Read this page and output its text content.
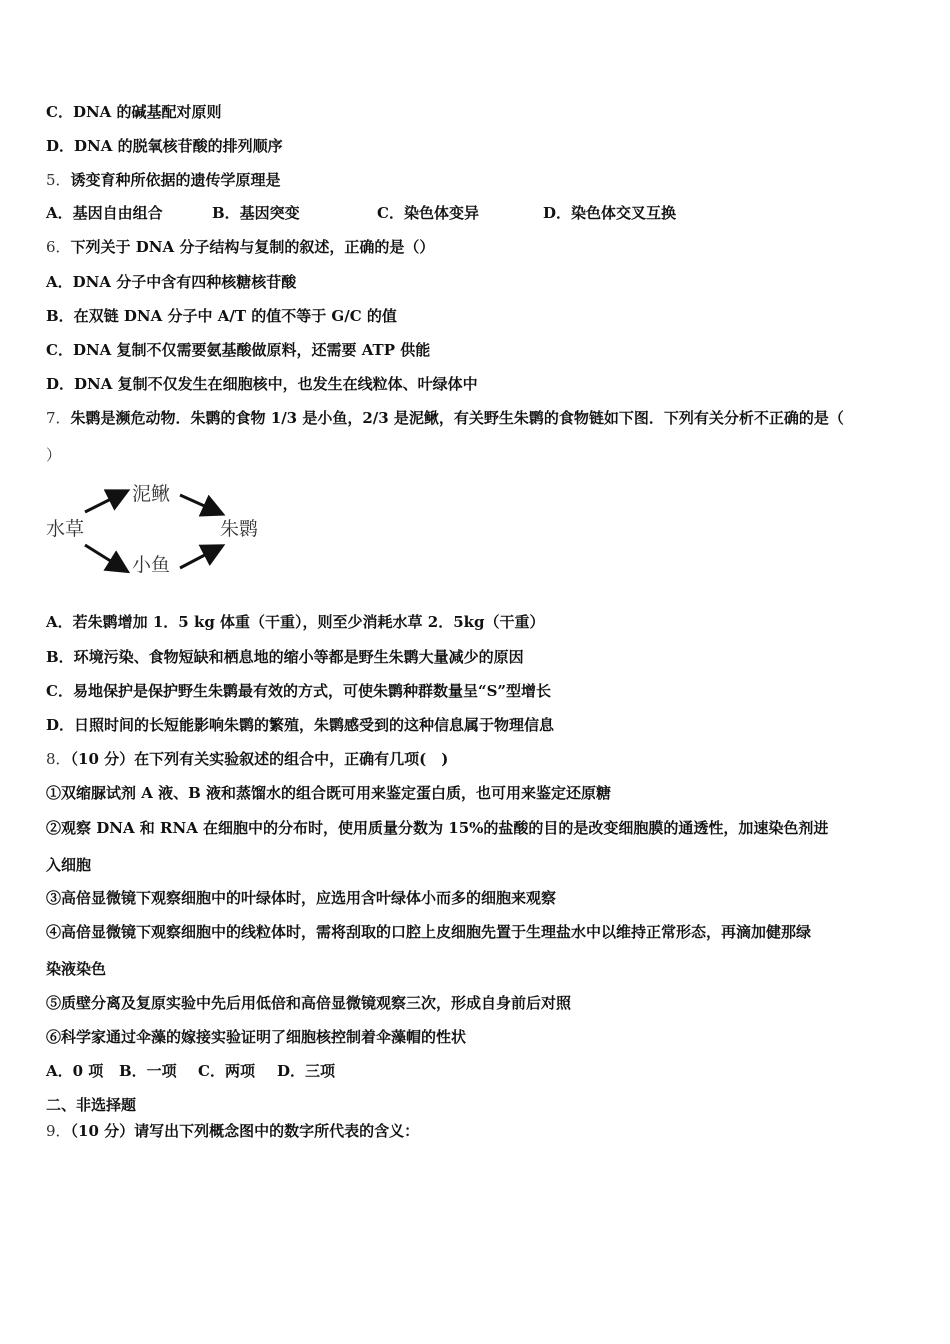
C．DNA 的碱基配对原则
D．DNA 的脱氧核苷酸的排列顺序
5．诱变育种所依据的遗传学原理是
A．基因自由组合	B．基因突变	C．染色体变异	D．染色体交叉互换
6．下列关于 DNA 分子结构与复制的叙述，正确的是（）
A．DNA 分子中含有四种核糖核苷酸
B．在双链 DNA 分子中 A/T 的值不等于 G/C 的值
C．DNA 复制不仅需要氨基酸做原料，还需要 ATP 供能
D．DNA 复制不仅发生在细胞核中，也发生在线粒体、叶绿体中
7．朱鹮是濒危动物．朱鹮的食物 1/3 是小鱼，2/3 是泥鳅，有关野生朱鹮的食物链如下图．下列有关分析不正确的是（
）
水草
泥鳅
朱鹮
小鱼
A．若朱鹮增加 1．5 kg 体重（干重），则至少消耗水草 2．5kg（干重）
B．环境污染、食物短缺和栖息地的缩小等都是野生朱鹮大量减少的原因
C．易地保护是保护野生朱鹮最有效的方式，可使朱鹮种群数量呈“S”型增长
D．日照时间的长短能影响朱鹮的繁殖，朱鹮感受到的这种信息属于物理信息
8．（10 分）在下列有关实验叙述的组合中，正确有几项(　)
①双缩脲试剂 A 液、B 液和蒸馏水的组合既可用来鉴定蛋白质，也可用来鉴定还原糖
②观察 DNA 和 RNA 在细胞中的分布时，使用质量分数为 15%的盐酸的目的是改变细胞膜的通透性，加速染色剂进
入细胞
③高倍显微镜下观察细胞中的叶绿体时，应选用含叶绿体小而多的细胞来观察
④高倍显微镜下观察细胞中的线粒体时，需将刮取的口腔上皮细胞先置于生理盐水中以维持正常形态，再滴加健那绿
染液染色
⑤质壁分离及复原实验中先后用低倍和高倍显微镜观察三次，形成自身前后对照
⑥科学家通过伞藻的嫁接实验证明了细胞核控制着伞藻帽的性状
A．0 项 B．一项 C．两项 D．三项
二、非选择题
9．（10 分）请写出下列概念图中的数字所代表的含义：
